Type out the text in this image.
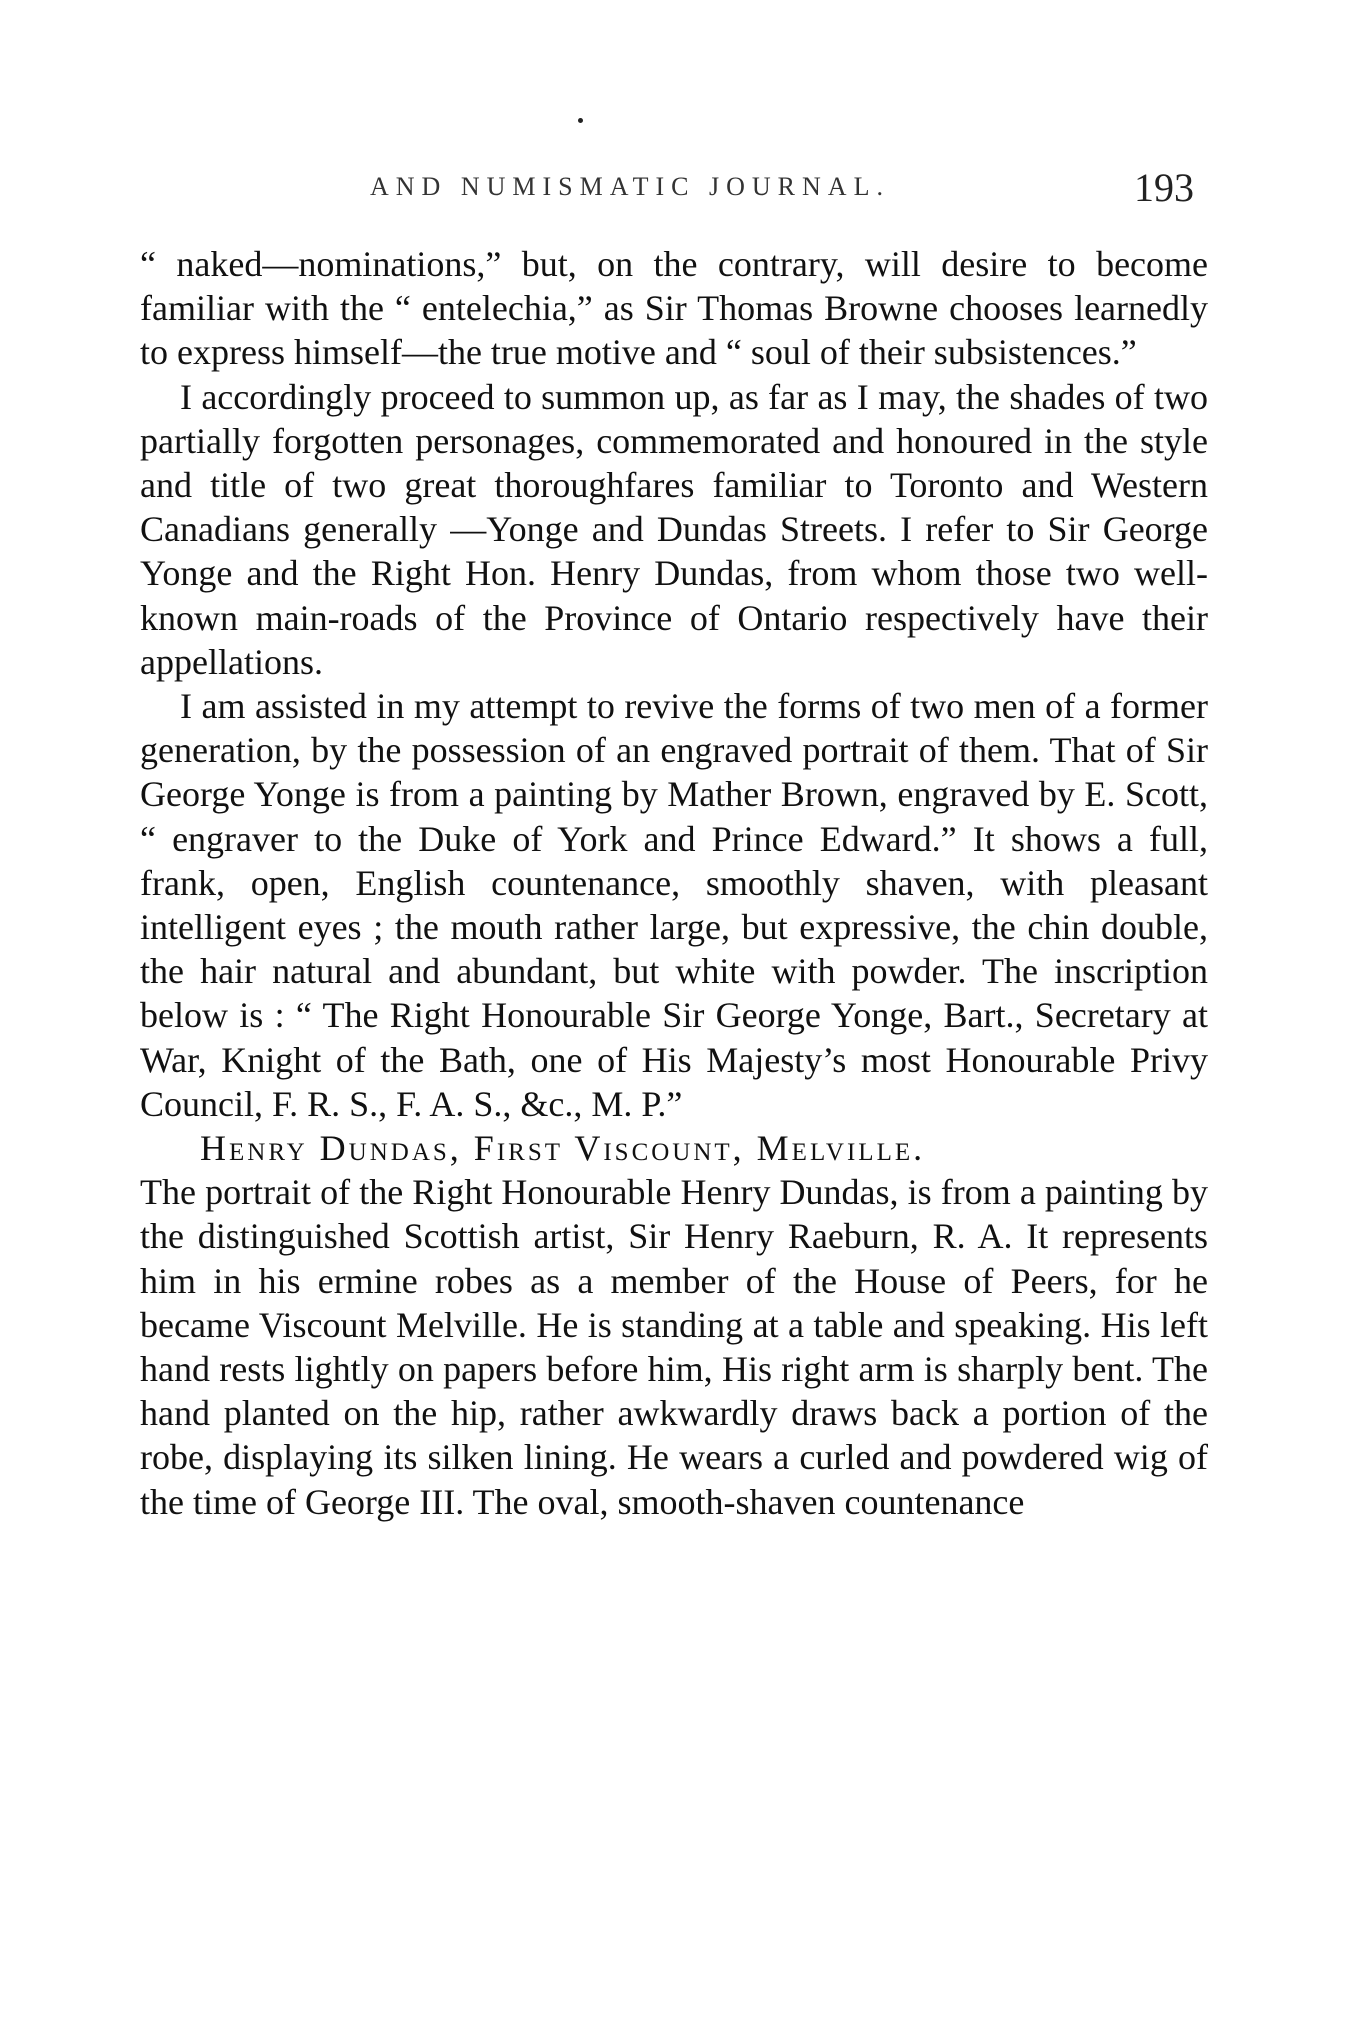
AND NUMISMATIC JOURNAL.	193

“ naked—nominations,” but, on the contrary, will desire to become familiar with the “ entelechia,” as Sir Thomas Browne chooses learnedly to express himself—the true motive and “ soul of their subsistences.”

I accordingly proceed to summon up, as far as I may, the shades of two partially forgotten personages, commemorated and honoured in the style and title of two great thoroughfares familiar to Toronto and Western Canadians generally —Yonge and Dundas Streets. I refer to Sir George Yonge and the Right Hon. Henry Dundas, from whom those two well-known main-roads of the Province of Ontario respectively have their appellations.

I am assisted in my attempt to revive the forms of two men of a former generation, by the possession of an engraved portrait of them. That of Sir George Yonge is from a painting by Mather Brown, engraved by E. Scott, “ engraver to the Duke of York and Prince Edward.” It shows a full, frank, open, English countenance, smoothly shaven, with pleasant intelligent eyes ; the mouth rather large, but expressive, the chin double, the hair natural and abundant, but white with powder. The inscription below is : “ The Right Honourable Sir George Yonge, Bart., Secretary at War, Knight of the Bath, one of His Majesty’s most Honourable Privy Council, F. R. S., F. A. S., &c., M. P.”

Henry Dundas, First Viscount, Melville.

The portrait of the Right Honourable Henry Dundas, is from a painting by the distinguished Scottish artist, Sir Henry Raeburn, R. A. It represents him in his ermine robes as a member of the House of Peers, for he became Viscount Melville. He is standing at a table and speaking. His left hand rests lightly on papers before him, His right arm is sharply bent. The hand planted on the hip, rather awkwardly draws back a portion of the robe, displaying its silken lining. He wears a curled and powdered wig of the time of George III. The oval, smooth-shaven countenance
